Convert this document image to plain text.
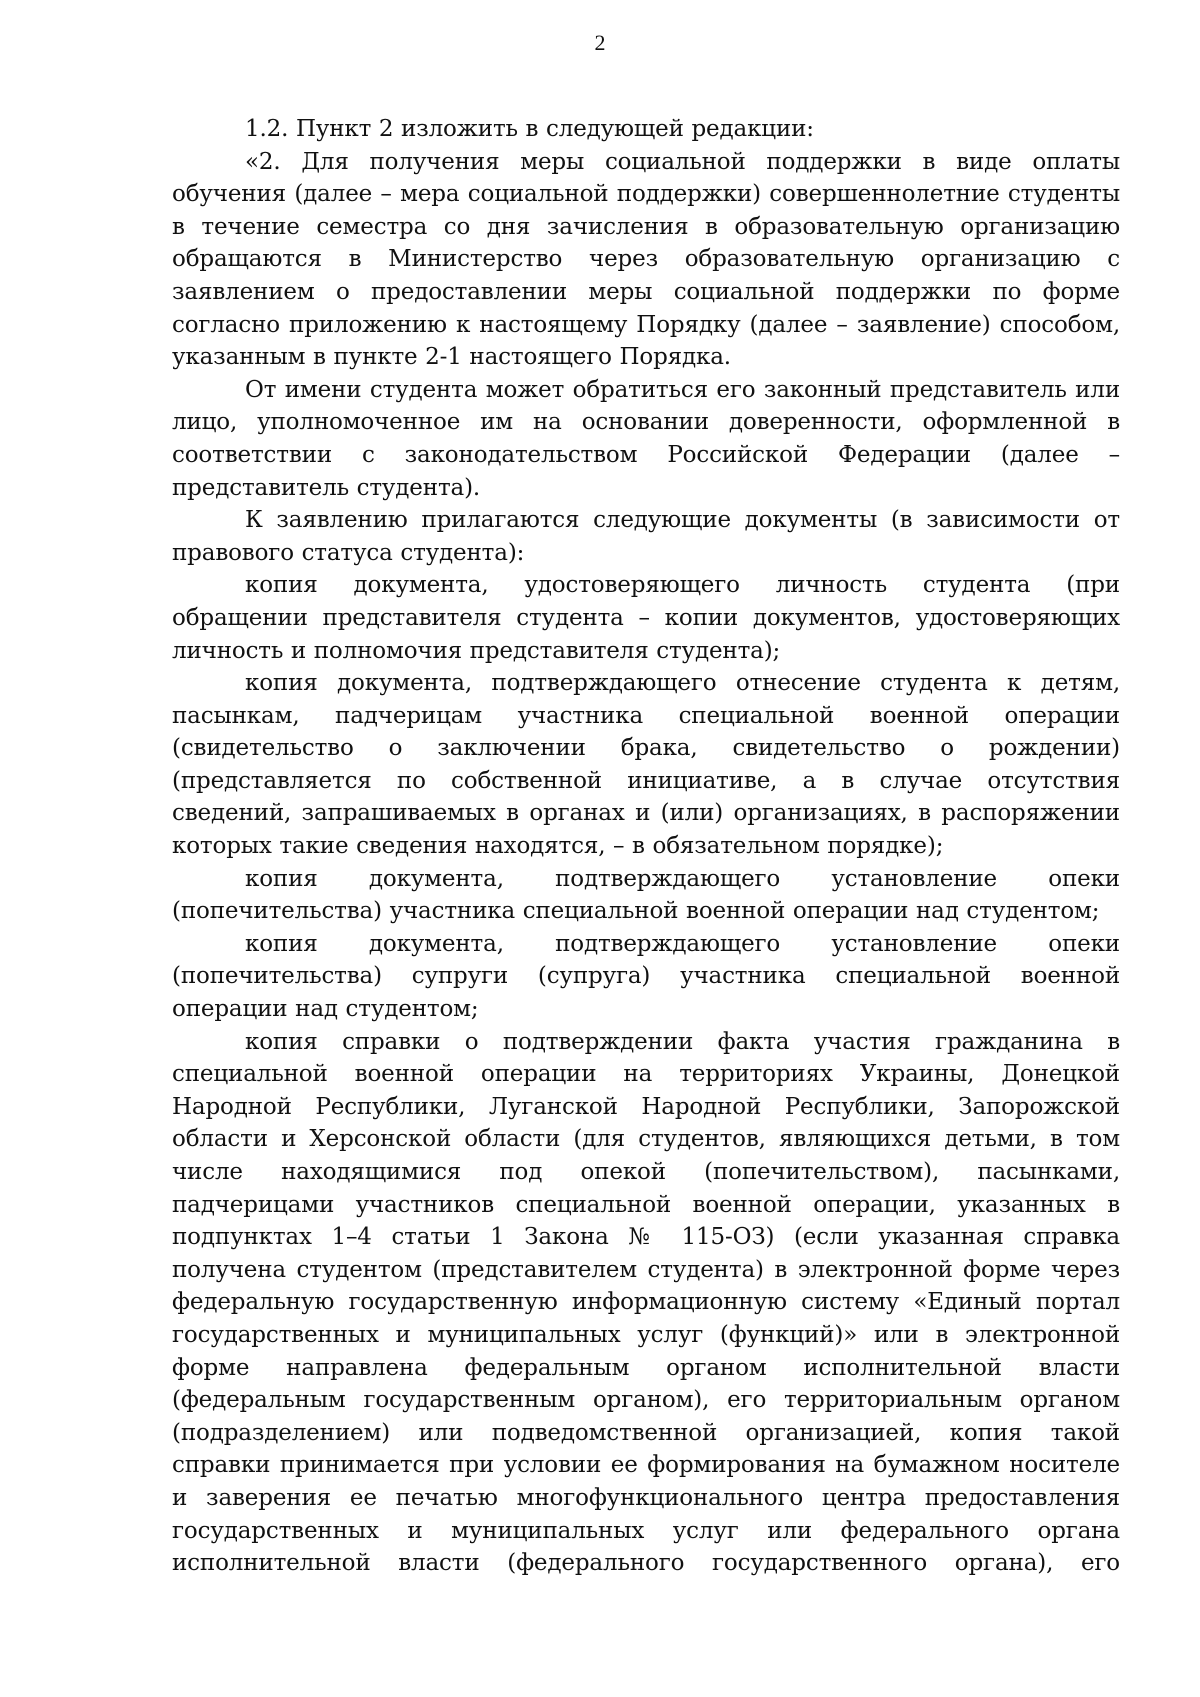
2

1.2. Пункт 2 изложить в следующей редакции:

«2. Для получения меры социальной поддержки в виде оплаты обучения (далее – мера социальной поддержки) совершеннолетние студенты в течение семестра со дня зачисления в образовательную организацию обращаются в Министерство через образовательную организацию с заявлением о предоставлении меры социальной поддержки по форме согласно приложению к настоящему Порядку (далее – заявление) способом, указанным в пункте 2-1 настоящего Порядка.

От имени студента может обратиться его законный представитель или лицо, уполномоченное им на основании доверенности, оформленной в соответствии с законодательством Российской Федерации (далее – представитель студента).

К заявлению прилагаются следующие документы (в зависимости от правового статуса студента):

копия документа, удостоверяющего личность студента (при обращении представителя студента – копии документов, удостоверяющих личность и полномочия представителя студента);

копия документа, подтверждающего отнесение студента к детям, пасынкам, падчерицам участника специальной военной операции (свидетельство о заключении брака, свидетельство о рождении) (представляется по собственной инициативе, а в случае отсутствия сведений, запрашиваемых в органах и (или) организациях, в распоряжении которых такие сведения находятся, – в обязательном порядке);

копия документа, подтверждающего установление опеки (попечительства) участника специальной военной операции над студентом;

копия документа, подтверждающего установление опеки (попечительства) супруги (супруга) участника специальной военной операции над студентом;

копия справки о подтверждении факта участия гражданина в специальной военной операции на территориях Украины, Донецкой Народной Республики, Луганской Народной Республики, Запорожской области и Херсонской области (для студентов, являющихся детьми, в том числе находящимися под опекой (попечительством), пасынками, падчерицами участников специальной военной операции, указанных в подпунктах 1–4 статьи 1 Закона № 115-ОЗ) (если указанная справка получена студентом (представителем студента) в электронной форме через федеральную государственную информационную систему «Единый портал государственных и муниципальных услуг (функций)» или в электронной форме направлена федеральным органом исполнительной власти (федеральным государственным органом), его территориальным органом (подразделением) или подведомственной организацией, копия такой справки принимается при условии ее формирования на бумажном носителе и заверения ее печатью многофункционального центра предоставления государственных и муниципальных услуг или федерального органа исполнительной власти (федерального государственного органа), его
